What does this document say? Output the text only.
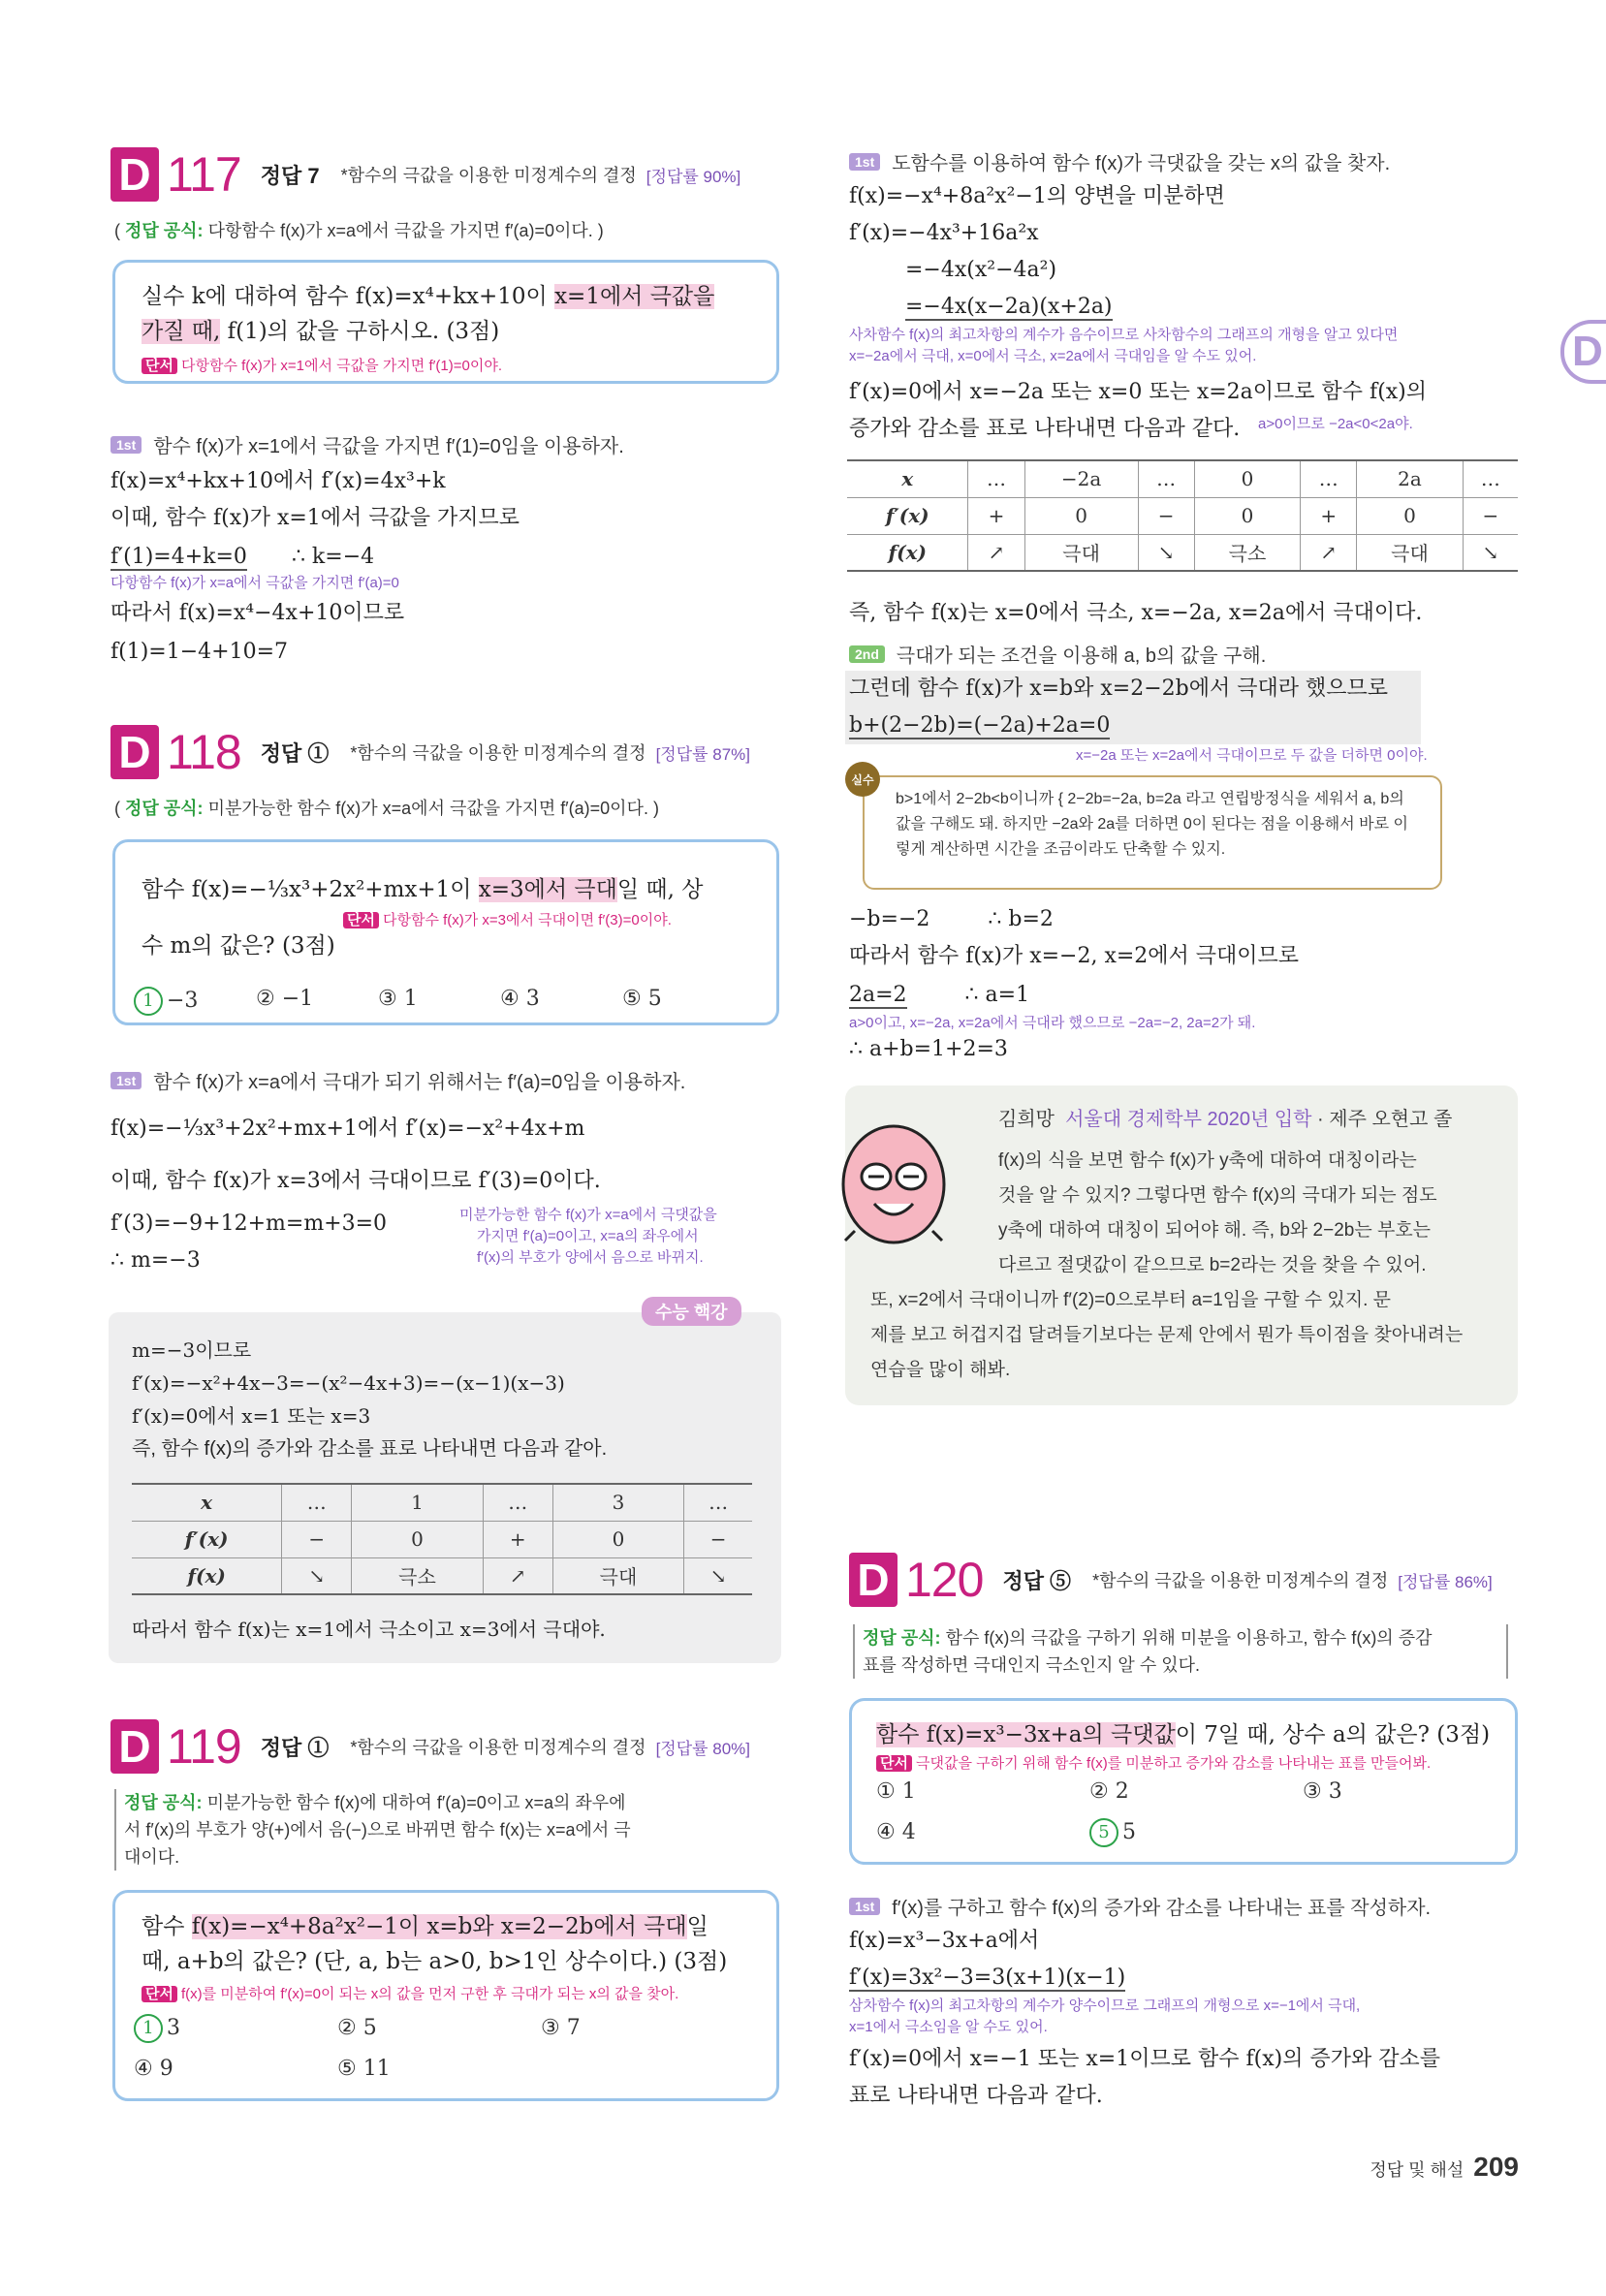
D
D 117 정답 7 *함수의 극값을 이용한 미정계수의 결정 [정답률 90%]
( 정답 공식: 다항함수 f(x)가 x=a에서 극값을 가지면 f′(a)=0이다. )
실수 k에 대하여 함수 f(x)=x⁴+kx+10이 x=1에서 극값을
가질 때, f(1)의 값을 구하시오. (3점)
단서 다항함수 f(x)가 x=1에서 극값을 가지면 f′(1)=0이야.
1st 함수 f(x)가 x=1에서 극값을 가지면 f′(1)=0임을 이용하자.
f(x)=x⁴+kx+10에서 f′(x)=4x³+k
이때, 함수 f(x)가 x=1에서 극값을 가지므로
f′(1)=4+k=0 ∴ k=−4
다항함수 f(x)가 x=a에서 극값을 가지면 f′(a)=0
따라서 f(x)=x⁴−4x+10이므로
f(1)=1−4+10=7
D 118 정답 ① *함수의 극값을 이용한 미정계수의 결정 [정답률 87%]
( 정답 공식: 미분가능한 함수 f(x)가 x=a에서 극값을 가지면 f′(a)=0이다. )
함수 f(x)=−⅓x³+2x²+mx+1이 x=3에서 극대일 때, 상
단서 다항함수 f(x)가 x=3에서 극대이면 f′(3)=0이야.
수 m의 값은? (3점)
1 −3	② −1	③ 1	④ 3	⑤ 5
1st 함수 f(x)가 x=a에서 극대가 되기 위해서는 f′(a)=0임을 이용하자.
f(x)=−⅓x³+2x²+mx+1에서 f′(x)=−x²+4x+m
이때, 함수 f(x)가 x=3에서 극대이므로 f′(3)=0이다.
f′(3)=−9+12+m=m+3=0
∴ m=−3
미분가능한 함수 f(x)가 x=a에서 극댓값을
가지면 f′(a)=0이고, x=a의 좌우에서
f′(x)의 부호가 양에서 음으로 바뀌지.
수능 핵강
m=−3이므로
f′(x)=−x²+4x−3=−(x²−4x+3)=−(x−1)(x−3)
f′(x)=0에서 x=1 또는 x=3
즉, 함수 f(x)의 증가와 감소를 표로 나타내면 다음과 같아.
x	…	1	…	3	…
f′(x)	−	0	+	0	−
f(x)	↘	극소	↗	극대	↘
따라서 함수 f(x)는 x=1에서 극소이고 x=3에서 극대야.
D 119 정답 ① *함수의 극값을 이용한 미정계수의 결정 [정답률 80%]
정답 공식: 미분가능한 함수 f(x)에 대하여 f′(a)=0이고 x=a의 좌우에
서 f′(x)의 부호가 양(+)에서 음(−)으로 바뀌면 함수 f(x)는 x=a에서 극
대이다.
함수 f(x)=−x⁴+8a²x²−1이 x=b와 x=2−2b에서 극대일
때, a+b의 값은? (단, a, b는 a>0, b>1인 상수이다.) (3점)
단서 f(x)를 미분하여 f′(x)=0이 되는 x의 값을 먼저 구한 후 극대가 되는 x의 값을 찾아.
1 3	② 5	③ 7
④ 9	⑤ 11
1st 도함수를 이용하여 함수 f(x)가 극댓값을 갖는 x의 값을 찾자.
f(x)=−x⁴+8a²x²−1의 양변을 미분하면
f′(x)=−4x³+16a²x
=−4x(x²−4a²)
=−4x(x−2a)(x+2a)
사차함수 f(x)의 최고차항의 계수가 음수이므로 사차함수의 그래프의 개형을 알고 있다면
x=−2a에서 극대, x=0에서 극소, x=2a에서 극대임을 알 수도 있어.
f′(x)=0에서 x=−2a 또는 x=0 또는 x=2a이므로 함수 f(x)의
증가와 감소를 표로 나타내면 다음과 같다. a>0이므로 −2a<0<2a야.
x	…	−2a	…	0	…	2a	…
f′(x)	+	0	−	0	+	0	−
f(x)	↗	극대	↘	극소	↗	극대	↘
즉, 함수 f(x)는 x=0에서 극소, x=−2a, x=2a에서 극대이다.
2nd 극대가 되는 조건을 이용해 a, b의 값을 구해.
그런데 함수 f(x)가 x=b와 x=2−2b에서 극대라 했으므로
b+(2−2b)=(−2a)+2a=0
x=−2a 또는 x=2a에서 극대이므로 두 값을 더하면 0이야.
실수
b>1에서 2−2b<b이니까 { 2−2b=−2a, b=2a 라고 연립방정식을 세워서 a, b의
값을 구해도 돼. 하지만 −2a와 2a를 더하면 0이 된다는 점을 이용해서 바로 이
렇게 계산하면 시간을 조금이라도 단축할 수 있지.
−b=−2	∴ b=2
따라서 함수 f(x)가 x=−2, x=2에서 극대이므로
2a=2	∴ a=1
a>0이고, x=−2a, x=2a에서 극대라 했으므로 −2a=−2, 2a=2가 돼.
∴ a+b=1+2=3
김희망 서울대 경제학부 2020년 입학 · 제주 오현고 졸
f(x)의 식을 보면 함수 f(x)가 y축에 대하여 대칭이라는
것을 알 수 있지? 그렇다면 함수 f(x)의 극대가 되는 점도
y축에 대하여 대칭이 되어야 해. 즉, b와 2−2b는 부호는
다르고 절댓값이 같으므로 b=2라는 것을 찾을 수 있어.
또, x=2에서 극대이니까 f′(2)=0으로부터 a=1임을 구할 수 있지. 문
제를 보고 허겁지겁 달려들기보다는 문제 안에서 뭔가 특이점을 찾아내려는
연습을 많이 해봐.
D 120 정답 ⑤ *함수의 극값을 이용한 미정계수의 결정 [정답률 86%]
정답 공식: 함수 f(x)의 극값을 구하기 위해 미분을 이용하고, 함수 f(x)의 증감
표를 작성하면 극대인지 극소인지 알 수 있다.
함수 f(x)=x³−3x+a의 극댓값이 7일 때, 상수 a의 값은? (3점)
단서 극댓값을 구하기 위해 함수 f(x)를 미분하고 증가와 감소를 나타내는 표를 만들어봐.
① 1	② 2	③ 3
④ 4	5 5
1st f′(x)를 구하고 함수 f(x)의 증가와 감소를 나타내는 표를 작성하자.
f(x)=x³−3x+a에서
f′(x)=3x²−3=3(x+1)(x−1)
삼차함수 f(x)의 최고차항의 계수가 양수이므로 그래프의 개형으로 x=−1에서 극대,
x=1에서 극소임을 알 수도 있어.
f′(x)=0에서 x=−1 또는 x=1이므로 함수 f(x)의 증가와 감소를
표로 나타내면 다음과 같다.
정답 및 해설 209
